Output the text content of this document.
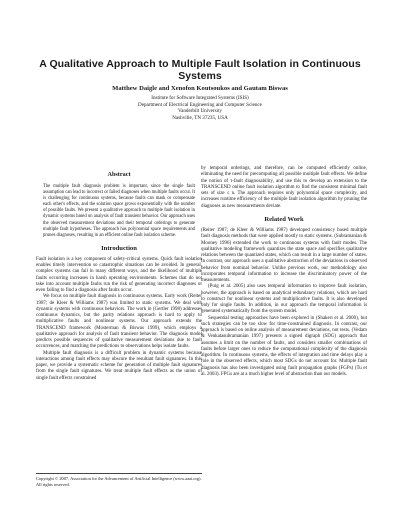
A Qualitative Approach to Multiple Fault Isolation in Continuous Systems
Matthew Daigle and Xenofon Koutsoukos and Gautam Biswas
Institute for Software Integrated Systems (ISIS)
Department of Electrical Engineering and Computer Science
Vanderbilt University
Nashville, TN 37235, USA
Abstract

The multiple fault diagnosis problem is important, since the single fault assumption can lead to incorrect or failed diagnoses when multiple faults occur. It is challenging for continuous systems, because faults can mask or compensate each other's effects, and the solution space grows exponentially with the number of possible faults. We present a qualitative approach to multiple fault isolation in dynamic systems based on analysis of fault transient behavior. Our approach uses the observed measurement deviations and their temporal orderings to generate multiple fault hypotheses. The approach has polynomial space requirements and prunes diagnoses, resulting in an efficient online fault isolation scheme.

Introduction

Fault isolation is a key component of safety-critical systems. Quick fault isolation enables timely intervention so catastrophic situations can be avoided. In general, complex systems can fail in many different ways, and the likelihood of multiple faults occurring increases in harsh operating environments. Schemes that do not take into account multiple faults run the risk of generating incorrect diagnoses or even failing to find a diagnosis after faults occur.

We focus on multiple fault diagnosis in continuous systems. Early work (Reiter 1987; de Kleer & Williams 1987) was limited to static systems. We deal with dynamic systems with continuous behaviors. The work in (Gertler 1998) addresses continuous dynamics, but the parity relations approach is hard to apply to multiplicative faults and nonlinear systems. Our approach extends the TRANSCEND framework (Mosterman & Biswas 1999), which employs a qualitative approach for analysis of fault transient behavior. The diagnosis model predicts possible sequences of qualitative measurement deviations due to fault occurrences, and matching the predictions to observations helps isolate faults.

Multiple fault diagnosis is a difficult problem in dynamic systems because interactions among fault effects may obscure the resultant fault signatures. In this paper, we provide a systematic scheme for generation of multiple fault signatures from the single fault signatures. We treat multiple fault effects as the union of single fault effects constrained

Copyright © 2007, Association for the Advancement of Artificial Intelligence (www.aaai.org). All rights reserved.

by temporal orderings, and therefore, can be computed efficiently online, eliminating the need for precomputing all possible multiple fault effects. We define the notion of τ-fault diagnosability, and use this to develop an extension to the TRANSCEND online fault isolation algorithm to find the consistent minimal fault sets of size ≤ n. The approach requires only polynomial space complexity, and increases runtime efficiency of the multiple fault isolation algorithm by pruning the diagnoses as new measurements deviate.

Related Work

(Reiter 1987; de Kleer & Williams 1987) developed consistency based multiple fault diagnosis methods that were applied mostly to static systems. (Subramanian & Mooney 1996) extended the work to continuous systems with fault modes. The qualitative modeling framework quantizes the state space and specifies qualitative relations between the quantized states, which can result in a large number of states. In contrast, our approach uses a qualitative abstraction of the deviations in observed behavior from nominal behavior. Unlike previous work, our methodology also incorporates temporal information to increase the discriminatory power of the measurements.

(Puig et al. 2005) also uses temporal information to improve fault isolation, however, the approach is based on analytical redundancy relations, which are hard to construct for nonlinear systems and multiplicative faults. It is also developed only for single faults. In addition, in our approach the temporal information is generated systematically from the system model.

Sequential testing approaches have been explored in (Shakeri et al. 2000), but such strategies can be too slow for time-constrained diagnosis. In contrast, our approach is based on online analysis of measurement deviations, not tests. (Vedam & Venkatasubramanian 1997) presents a signed digraph (SDG) approach that assumes a limit on the number of faults, and considers smaller combinations of faults before larger ones to reduce the computational complexity of the diagnosis algorithm. In continuous systems, the effects of integration and time delays play a role in the observed effects, which most SDGs do not account for. Multiple fault diagnosis has also been investigated using fault propagation graphs (FGPs) (Tu et al. 2003). FPGs are at a much higher level of abstraction than our models.
